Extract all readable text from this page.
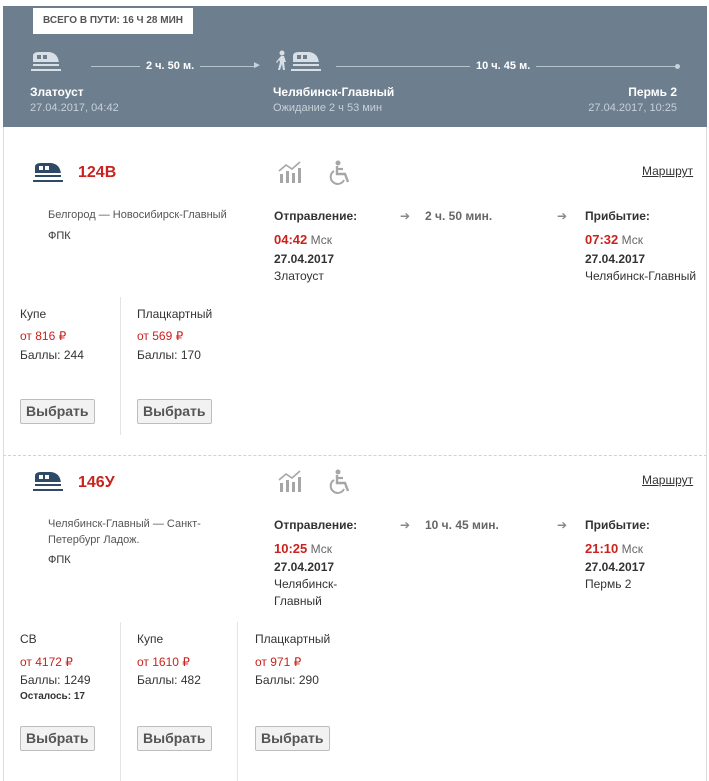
ВСЕГО В ПУТИ: 16 Ч 28 МИН
►
2 ч. 50 м.	10 ч. 45 м.
Златоуст
27.04.2017, 04:42
Челябинск-Главный
Ожидание 2 ч 53 мин
Пермь 2
27.04.2017, 10:25
124В	Маршрут
Белгород — Новосибирск-Главный
ФПК
Отправление:	➔ 2 ч. 50 мин.	➔ Прибытие:
04:42 Мск
27.04.2017
Златоуст
07:32 Мск
27.04.2017
Челябинск-Главный
Купе
от 816 ₽
Баллы: 244
Выбрать
Плацкартный
от 569 ₽
Баллы: 170
Выбрать
146У	Маршрут
Челябинск-Главный — Санкт-
Петербург Ладож.
ФПК
Отправление:	➔ 10 ч. 45 мин.	➔ Прибытие:
10:25 Мск
27.04.2017
Челябинск-
Главный
21:10 Мск
27.04.2017
Пермь 2
СВ
от 4172 ₽
Баллы: 1249
Осталось: 17
Выбрать
Купе
от 1610 ₽
Баллы: 482
Выбрать
Плацкартный
от 971 ₽
Баллы: 290
Выбрать
